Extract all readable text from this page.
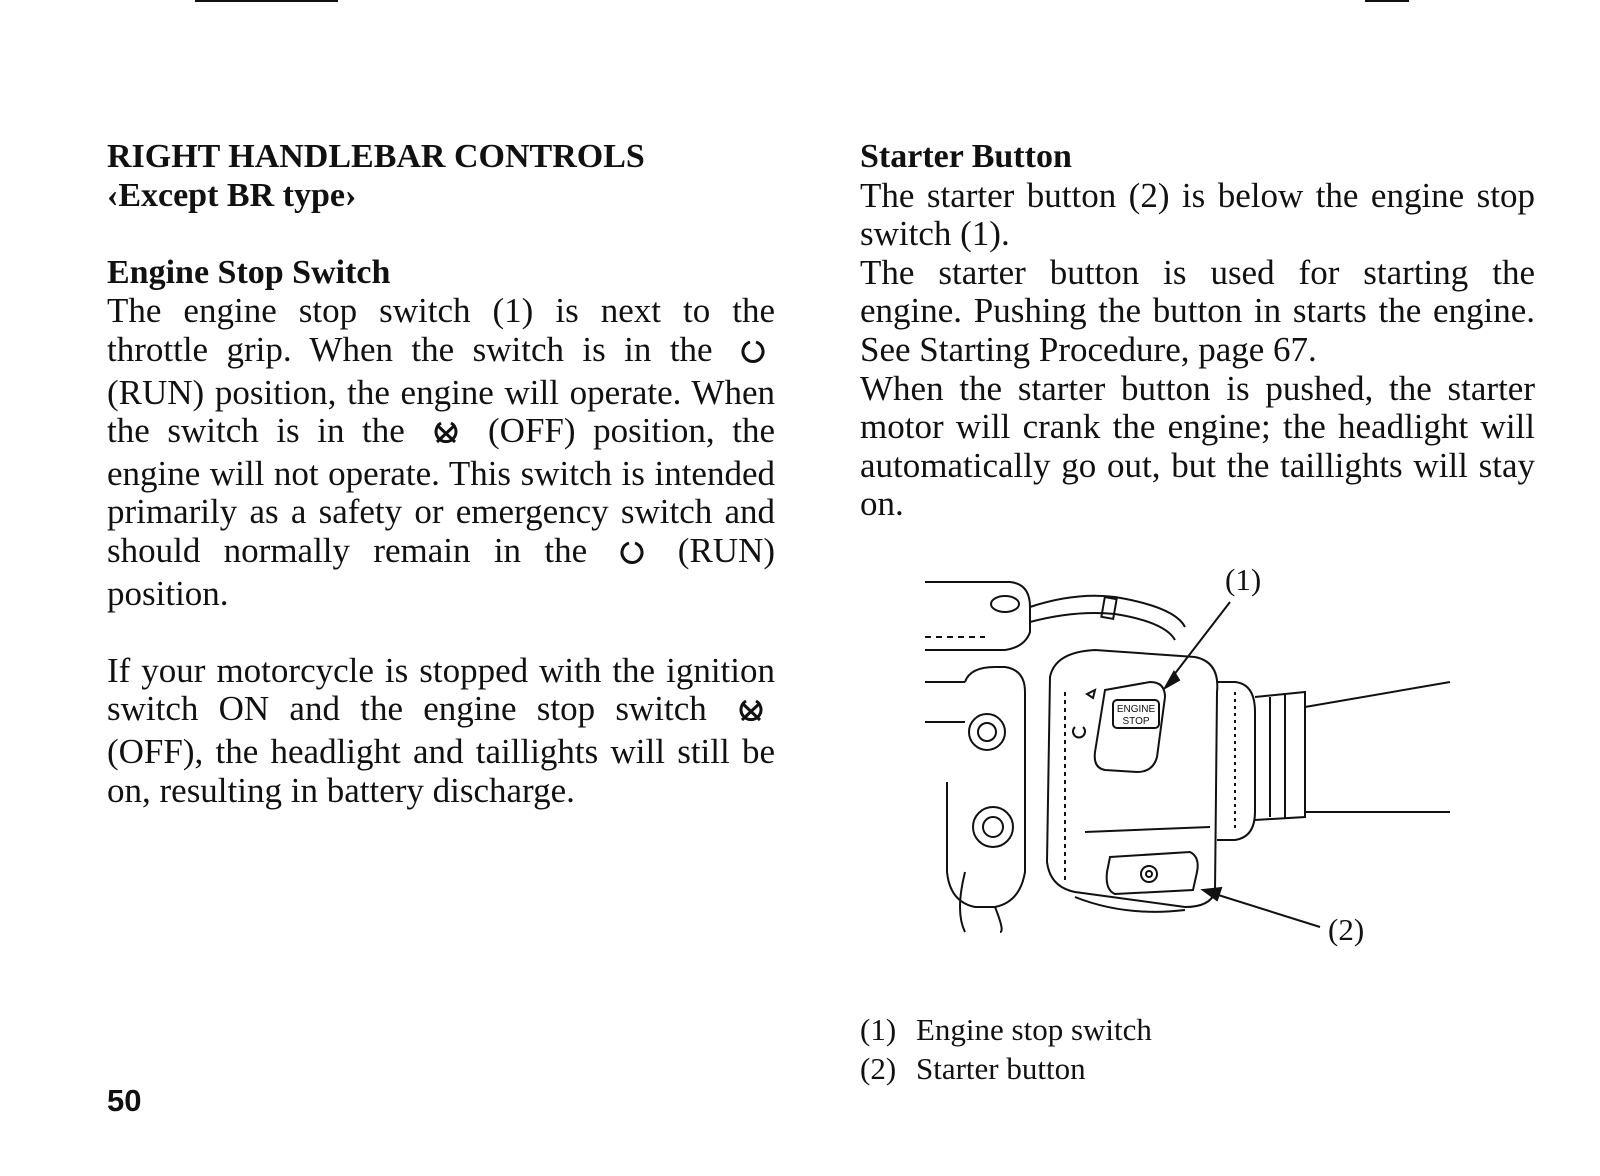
RIGHT HANDLEBAR CONTROLS
‹Except BR type›
Engine Stop Switch

The engine stop switch (1) is next to the throttle grip. When the switch is in the  (RUN) position, the engine will operate. When the switch is in the (OFF) position, the engine will not operate. This switch is intended primarily as a safety or emergency switch and should normally remain in the	(RUN) position.

If your motorcycle is stopped with the ignition switch ON and the engine stop switch  (OFF), the headlight and taillights will still be on, resulting in battery discharge.

Starter Button

The starter button (2) is below the engine stop switch (1).

The starter button is used for starting the engine. Pushing the button in starts the engine. See Starting Procedure, page 67.

When the starter button is pushed, the starter motor will crank the engine; the headlight will automatically go out, but the taillights will stay on.

ENGINE
STOP
(1)
(2)
(1) Engine stop switch
(2) Starter button
50
